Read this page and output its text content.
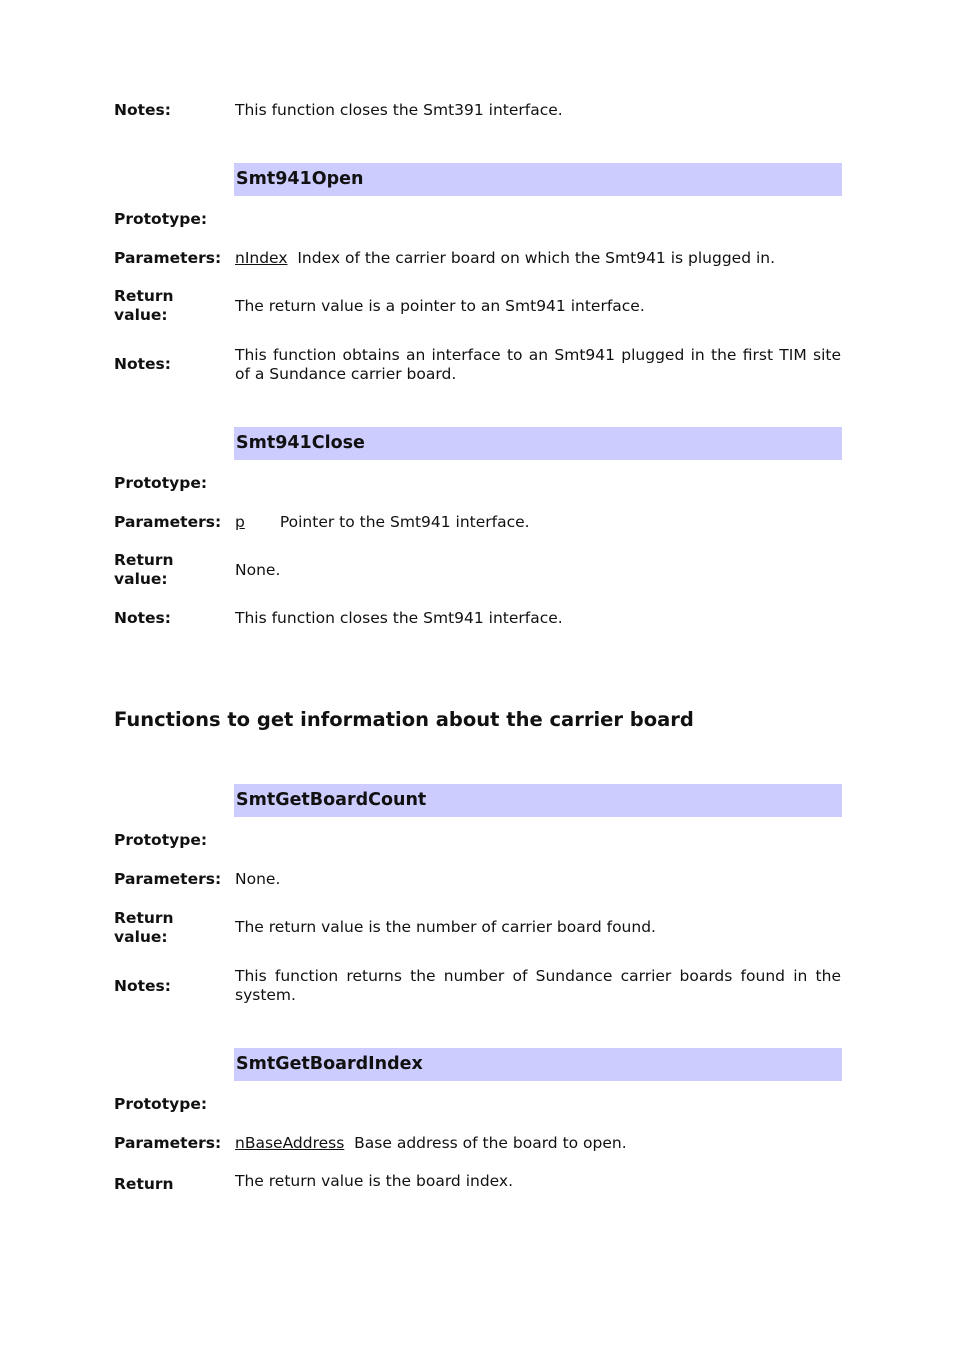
Notes:	This function closes the Smt391 interface.
Smt941Open
Prototype:
Parameters: nIndex Index of the carrier board on which the Smt941 is plugged in.
Return
value:	The return value is a pointer to an Smt941 interface.
Notes:	This function obtains an interface to an Smt941 plugged in the first TIM site of a Sundance carrier board.
Smt941Close
Prototype:
Parameters: p Pointer to the Smt941 interface.
Return
value:	None.
Notes:	This function closes the Smt941 interface.
Functions to get information about the carrier board
SmtGetBoardCount
Prototype:
Parameters: None.
Return
value:
The return value is the number of carrier board found.
Notes:
This function returns the number of Sundance carrier boards found in the system.
SmtGetBoardIndex
Prototype:
Parameters: nBaseAddress Base address of the board to open.
Return	The return value is the board index.
